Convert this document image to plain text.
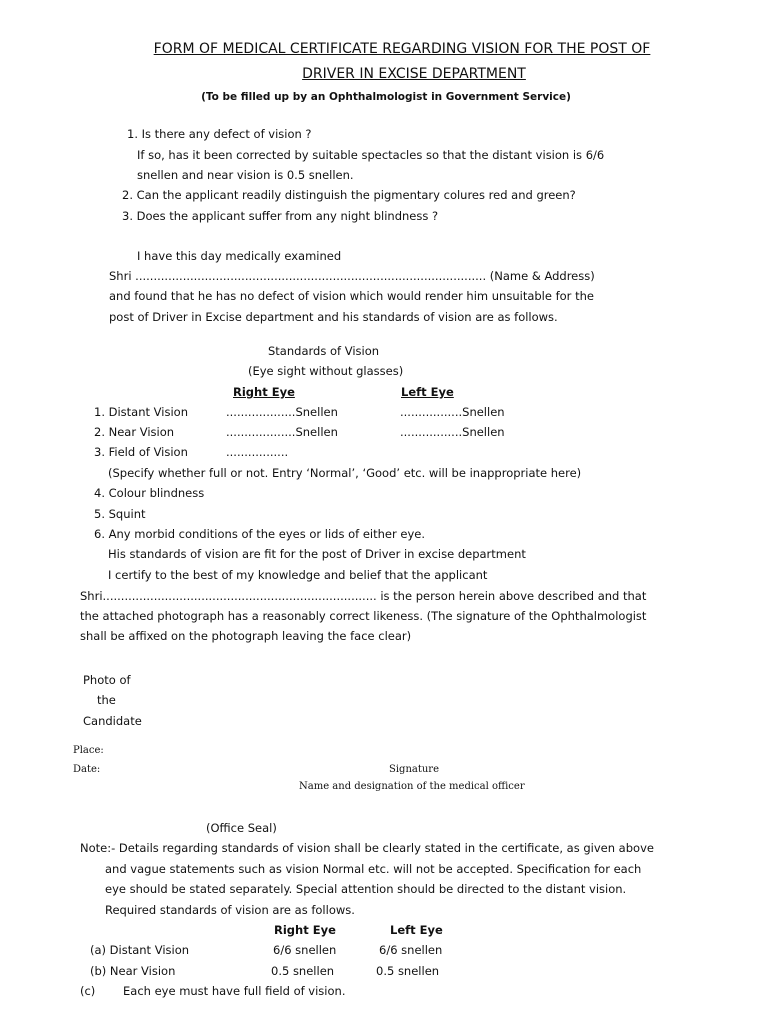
FORM OF MEDICAL CERTIFICATE REGARDING VISION FOR THE POST OF
DRIVER IN EXCISE DEPARTMENT
(To be filled up by an Ophthalmologist in Government Service)
1. Is there any defect of vision ?
If so, has it been corrected by suitable spectacles so that the distant vision is 6/6
snellen and near vision is 0.5 snellen.
2. Can the applicant readily distinguish the pigmentary colures red and green?
3. Does the applicant suffer from any night blindness ?
I have this day medically examined
Shri ................................................................................................ (Name & Address)
and found that he has no defect of vision which would render him unsuitable for the
post of Driver in Excise department and his standards of vision are as follows.
Standards of Vision
(Eye sight without glasses)
Right Eye	Left Eye
1. Distant Vision	...................Snellen	.................Snellen
2. Near Vision	...................Snellen	.................Snellen
3. Field of Vision	.................
(Specify whether full or not. Entry ‘Normal’, ‘Good’ etc. will be inappropriate here)
4. Colour blindness
5. Squint
6. Any morbid conditions of the eyes or lids of either eye.
His standards of vision are fit for the post of Driver in excise department
I certify to the best of my knowledge and belief that the applicant
Shri........................................................................... is the person herein above described and that
the attached photograph has a reasonably correct likeness. (The signature of the Ophthalmologist
shall be affixed on the photograph leaving the face clear)
Photo of
the
Candidate
Place:
Date:	Signature
Name and designation of the medical officer
(Office Seal)
Note:- Details regarding standards of vision shall be clearly stated in the certificate, as given above
and vague statements such as vision Normal etc. will not be accepted. Specification for each
eye should be stated separately. Special attention should be directed to the distant vision.
Required standards of vision are as follows.
Right Eye	Left Eye
(a) Distant Vision	6/6 snellen	6/6 snellen
(b) Near Vision	0.5 snellen	0.5 snellen
(c) Each eye must have full field of vision.
